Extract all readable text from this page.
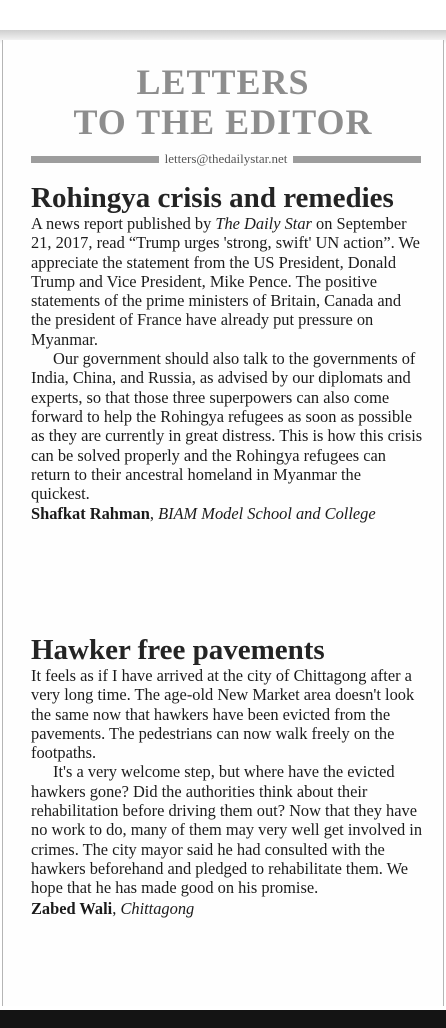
LETTERS
TO THE EDITOR
letters@thedailystar.net
Rohingya crisis and remedies

A news report published by The Daily Star on September 21, 2017, read “Trump urges 'strong, swift' UN action”. We appreciate the statement from the US President, Donald Trump and Vice President, Mike Pence. The positive statements of the prime ministers of Britain, Canada and the president of France have already put pressure on Myanmar.

Our government should also talk to the governments of India, China, and Russia, as advised by our diplomats and experts, so that those three superpowers can also come forward to help the Rohingya refugees as soon as possible as they are currently in great distress. This is how this crisis can be solved properly and the Rohingya refugees can return to their ancestral homeland in Myanmar the quickest.

Shafkat Rahman, BIAM Model School and College
Hawker free pavements

It feels as if I have arrived at the city of Chittagong after a very long time. The age-old New Market area doesn't look the same now that hawkers have been evicted from the pavements. The pedestrians can now walk freely on the footpaths.

It's a very welcome step, but where have the evicted hawkers gone? Did the authorities think about their rehabilitation before driving them out? Now that they have no work to do, many of them may very well get involved in crimes. The city mayor said he had consulted with the hawkers beforehand and pledged to rehabilitate them. We hope that he has made good on his promise.

Zabed Wali, Chittagong
